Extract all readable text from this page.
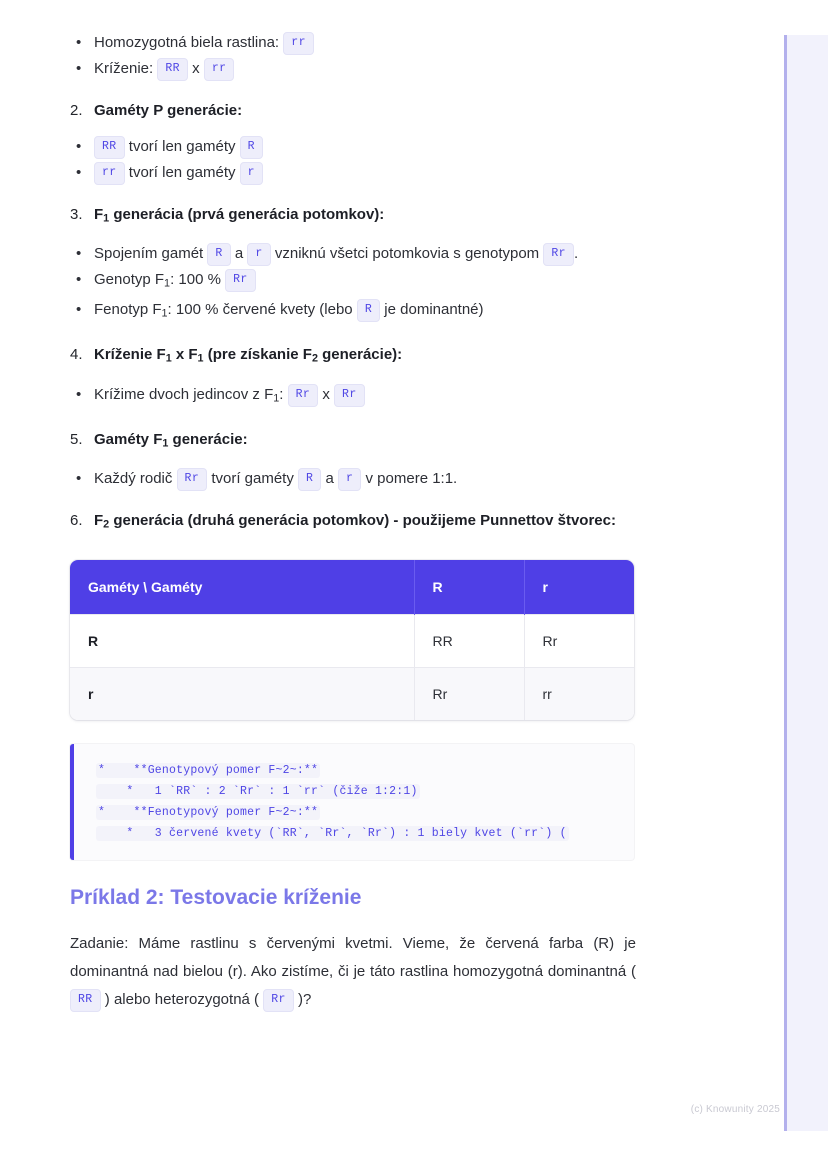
• Homozygotná biela rastlina: rr
• Kríženie: RR x rr
2. Gaméty P generácie:
• RR tvorí len gaméty R
• rr tvorí len gaméty r
3. $F_1$ generácia (prvá generácia potomkov):
• Spojením gamét R a r vzniknú všetci potomkovia s genotypom Rr .
• Genotyp $F_1$: 100 % Rr
• Fenotyp $F_1$: 100 % červené kvety (lebo R je dominantné)
4. Kríženie $F_1$ x $F_1$ (pre získanie $F_2$ generácie):
• Krížime dvoch jedincov z $F_1$: Rr x Rr
5. Gaméty $F_1$ generácie:
• Každý rodič Rr tvorí gaméty R a r v pomere 1:1.
6. $F_2$ generácia (druhá generácia potomkov) - použijeme Punnettov štvorec:
Gaméty \ Gaméty	R	r
R	RR	Rr
r	Rr	rr
*    **Genotypový pomer F~2~:**
*   1 `RR` : 2 `Rr` : 1 `rr` (čiže 1:2:1)
*    **Fenotypový pomer F~2~:**
*   3 červené kvety (`RR`, `Rr`, `Rr`) : 1 biely kvet (`rr`) (
Príklad 2: Testovacie kríženie

Zadanie: Máme rastlinu s červenými kvetmi. Vieme, že červená farba (R) je dominantná nad bielou (r). Ako zistíme, či je táto rastlina homozygotná dominantná ( RR ) alebo heterozygotná ( Rr )?

(c) Knowunity 2025
